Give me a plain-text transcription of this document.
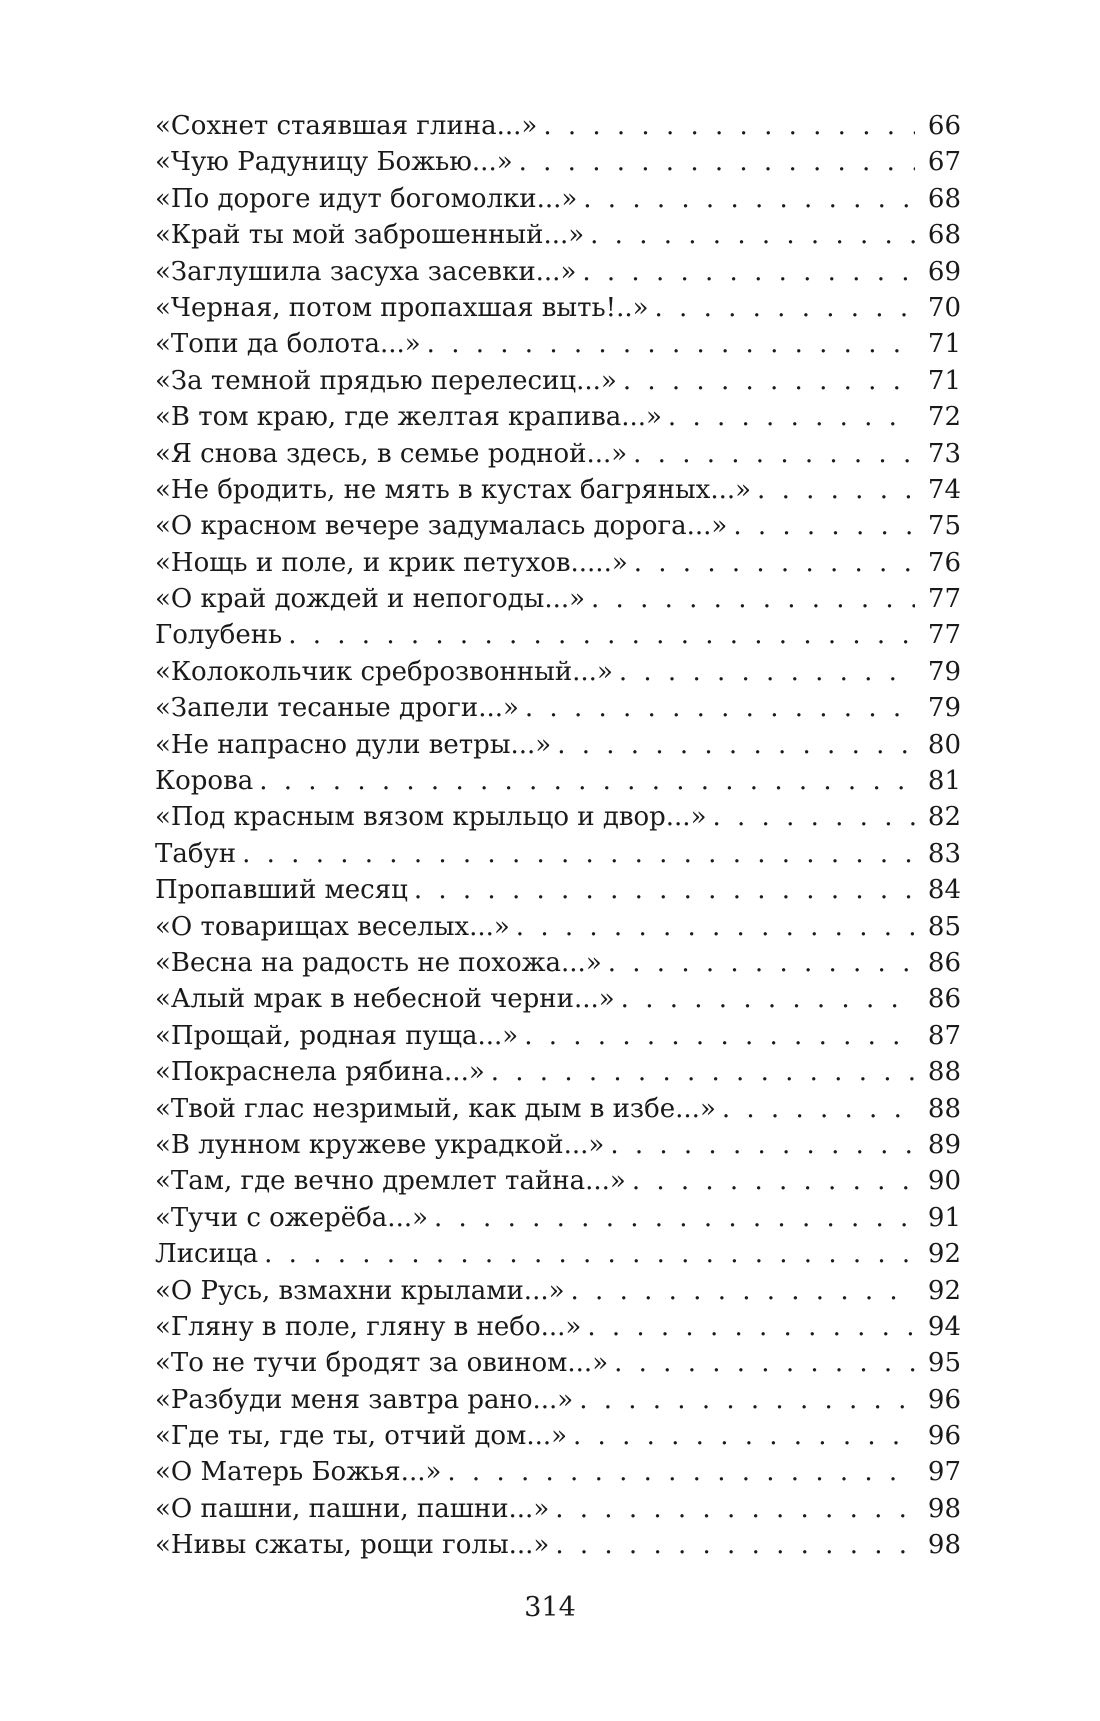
«Сохнет стаявшая глина...» . . .	66
«Чую Радуницу Божью...» . . .	67
«По дороге идут богомолки...» . . .	68
«Край ты мой заброшенный...» . . .	68
«Заглушила засуха засевки...» . . .	69
«Черная, потом пропахшая выть!..» . . .	70
«Топи да болота...» . . .	71
«За темной прядью перелесиц...» . . .	71
«В том краю, где желтая крапива...» . . .	72
«Я снова здесь, в семье родной...» . . .	73
«Не бродить, не мять в кустах багряных...» . . .	74
«О красном вечере задумалась дорога...» . . .	75
«Нощь и поле, и крик петухов.....» . . .	76
«О край дождей и непогоды...» . . .	77
Голубень . . .	77
«Колокольчик среброзвонный...» . . .	79
«Запели тесаные дроги...» . . .	79
«Не напрасно дули ветры...» . . .	80
Корова . . .	81
«Под красным вязом крыльцо и двор...» . . .	82
Табун . . .	83
Пропавший месяц . . .	84
«О товарищах веселых...» . . .	85
«Весна на радость не похожа...» . . .	86
«Алый мрак в небесной черни...» . . .	86
«Прощай, родная пуща...» . . .	87
«Покраснела рябина...» . . .	88
«Твой глас незримый, как дым в избе...» . . .	88
«В лунном кружеве украдкой...» . . .	89
«Там, где вечно дремлет тайна...» . . .	90
«Тучи с ожерёба...» . . .	91
Лисица . . .	92
«О Русь, взмахни крылами...» . . .	92
«Гляну в поле, гляну в небо...» . . .	94
«То не тучи бродят за овином...» . . .	95
«Разбуди меня завтра рано...» . . .	96
«Где ты, где ты, отчий дом...» . . .	96
«О Матерь Божья...» . . .	97
«О пашни, пашни, пашни...» . . .	98
«Нивы сжаты, рощи голы...» . . .	98
314
